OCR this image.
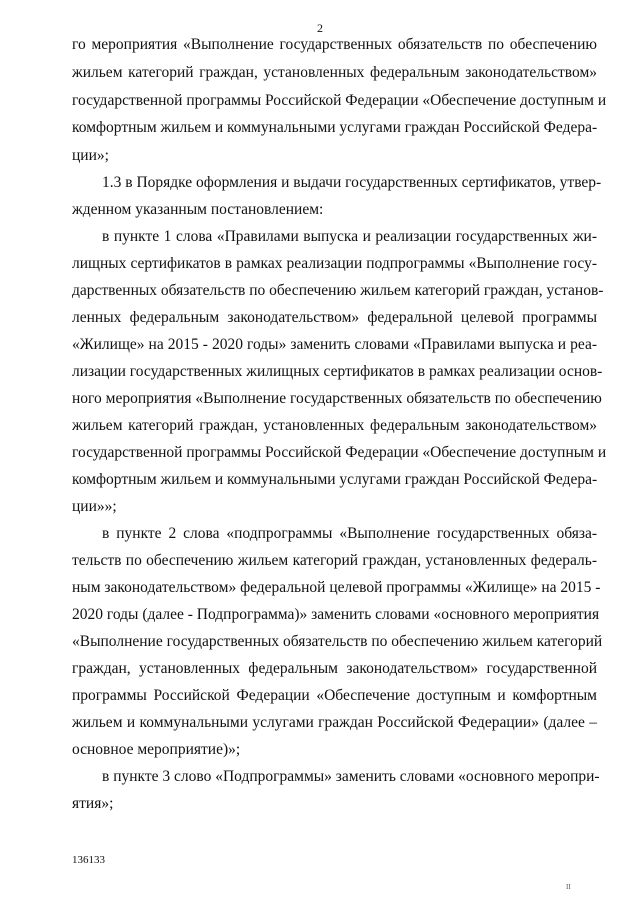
2
го мероприятия «Выполнение государственных обязательств по обеспечению
жильем категорий граждан, установленных федеральным законодательством»
государственной программы Российской Федерации «Обеспечение доступным и
комфортным жильем и коммунальными услугами граждан Российской Федера-
ции»;
1.3 в Порядке оформления и выдачи государственных сертификатов, утвер-
жденном указанным постановлением:
в пункте 1 слова «Правилами выпуска и реализации государственных жи-
лищных сертификатов в рамках реализации подпрограммы «Выполнение госу-
дарственных обязательств по обеспечению жильем категорий граждан, установ-
ленных федеральным законодательством» федеральной целевой программы
«Жилище» на 2015 - 2020 годы» заменить словами «Правилами выпуска и реа-
лизации государственных жилищных сертификатов в рамках реализации основ-
ного мероприятия «Выполнение государственных обязательств по обеспечению
жильем категорий граждан, установленных федеральным законодательством»
государственной программы Российской Федерации «Обеспечение доступным и
комфортным жильем и коммунальными услугами граждан Российской Федера-
ции»»;
в пункте 2 слова «подпрограммы «Выполнение государственных обяза-
тельств по обеспечению жильем категорий граждан, установленных федераль-
ным законодательством» федеральной целевой программы «Жилище» на 2015 -
2020 годы (далее - Подпрограмма)» заменить словами «основного мероприятия
«Выполнение государственных обязательств по обеспечению жильем категорий
граждан, установленных федеральным законодательством» государственной
программы Российской Федерации «Обеспечение доступным и комфортным
жильем и коммунальными услугами граждан Российской Федерации» (далее –
основное мероприятие)»;
в пункте 3 слово «Подпрограммы» заменить словами «основного меропри-
ятия»;
136133
II
